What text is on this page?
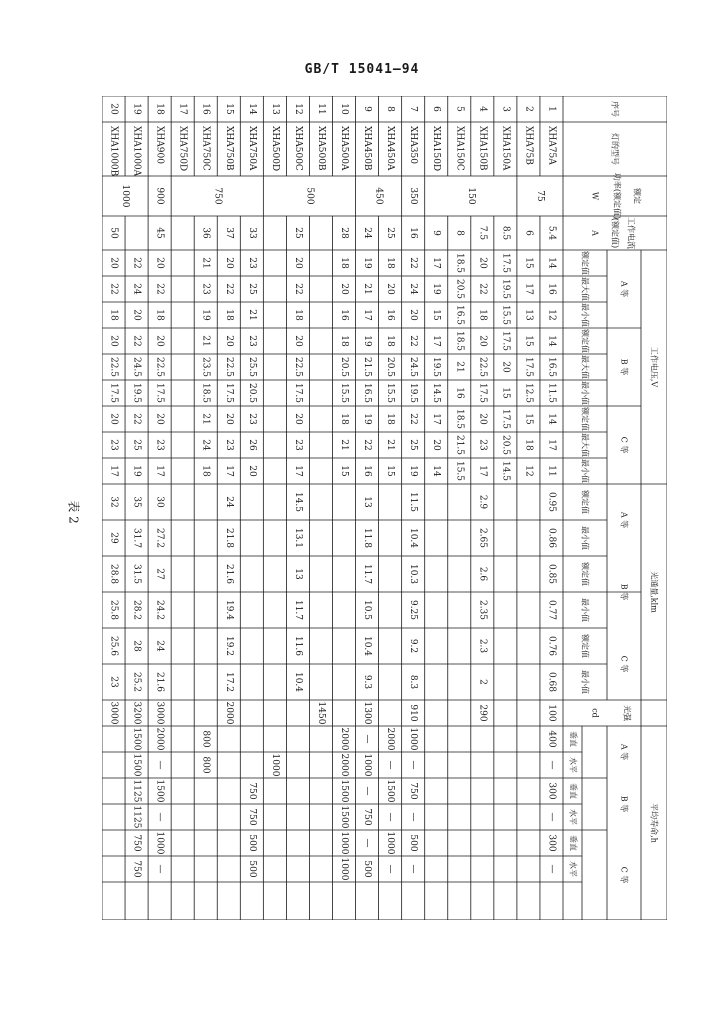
GB/T 15041—94
表 2
序号
灯的型号
额定
功率(额定值)
W
工作电流
(额定值)
A
工作电压,V
光通量,klm
光强
cd
平均寿命,h
A 等
额定值
最大值
最小值
B 等
额定值
最大值
最小值
C 等
额定值
最大值
最小值
A 等
额定值
最小值
B 等
额定值
最小值
C 等
额定值
最小值
A 等
B 等
C 等
垂直
水平
垂直
水平
垂直
水平
75
150
350
450
500
750
900
1000
1
XHA75A
5.4
14
16
12
14
16.5
11.5
14
17
11
0.95
0.86
0.85
0.77
0.76
0.68
100
400
—
300
—
300
—
2
XHA75B
6
15
17
13
15
17.5
12.5
15
18
12
3
XHA150A
8.5
17.5
19.5
15.5
17.5
20
15
17.5
20.5
14.5
4
XHA150B
7.5
20
22
18
20
22.5
17.5
20
23
17
2.9
2.65
2.6
2.35
2.3
2
290
5
XHA150C
8
18.5
20.5
16.5
18.5
21
16
18.5
21.5
15.5
6
XHA150D
9
17
19
15
17
19.5
14.5
17
20
14
7
XHA350
16
22
24
20
22
24.5
19.5
22
25
19
11.5
10.4
10.3
9.25
9.2
8.3
910
1000
—
750
—
500
—
8
XHA450A
25
18
20
16
18
20.5
15.5
18
21
15
2000
—
1500
—
1000
—
9
XHA450B
24
19
21
17
19
21.5
16.5
19
22
16
13
11.8
11.7
10.5
10.4
9.3
1300
—
1000
—
750
—
500
10
XHA500A
28
18
20
16
18
20.5
15.5
18
21
15
2000
2000
1500
1500
1000
1000
11
XHA500B
1450
12
XHA500C
25
20
22
18
20
22.5
17.5
20
23
17
14.5
13.1
13
11.7
11.6
10.4
13
XHA500D
1000
14
XHA750A
33
23
25
21
23
25.5
20.5
23
26
20
750
750
500
500
15
XHA750B
37
20
22
18
20
22.5
17.5
20
23
17
24
21.8
21.6
19.4
19.2
17.2
2000
16
XHA750C
36
21
23
19
21
23.5
18.5
21
24
18
800
800
17
XHA750D
18
XHA900
45
20
22
18
20
22.5
17.5
20
23
17
30
27.2
27
24.2
24
21.6
3000
2000
—
1500
—
1000
—
19
XHA1000A
22
24
20
22
24.5
19.5
22
25
19
35
31.7
31.5
28.2
28
25.2
3200
1500
1500
1125
1125
750
750
20
XHA1000B
50
20
22
18
20
22.5
17.5
20
23
17
32
29
28.8
25.8
25.6
23
3000
